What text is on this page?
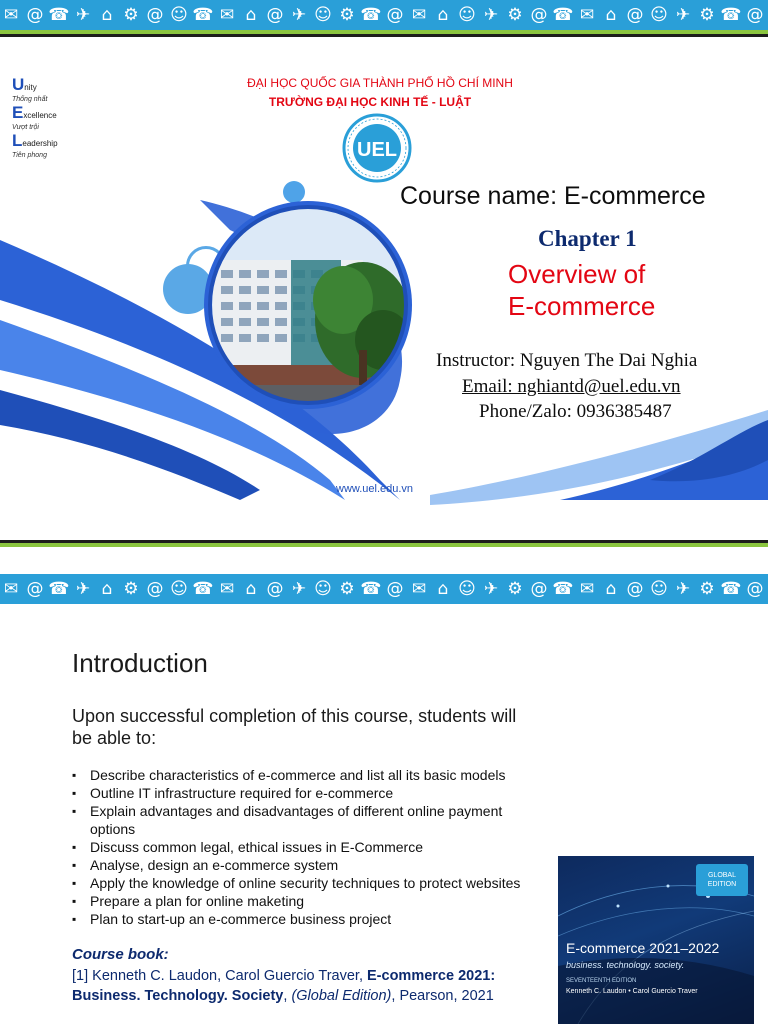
✉ @ ☎ ✈ ⌂ ⚙ @ ☺ ☎ ✉ ⌂ @ ✈ ☺ ⚙ ☎ @ ✉ ⌂ ☺ ✈ ⚙ @ ☎ ✉ ⌂ @ ☺ ✈ ⚙ ☎ @
Unity
Thống nhất
Excellence
Vượt trội
Leadership
Tiên phong
ĐẠI HỌC QUỐC GIA THÀNH PHỐ HỒ CHÍ MINH
TRƯỜNG ĐẠI HỌC KINH TẾ - LUẬT
UEL
Course name: E-commerce
Chapter 1
Overview of
E-commerce
Instructor: Nguyen The Dai Nghia
Email: nghiantd@uel.edu.vn
Phone/Zalo: 0936385487
www.uel.edu.vn
✉ @ ☎ ✈ ⌂ ⚙ @ ☺ ☎ ✉ ⌂ @ ✈ ☺ ⚙ ☎ @ ✉ ⌂ ☺ ✈ ⚙ @ ☎ ✉ ⌂ @ ☺ ✈ ⚙ ☎ @
Introduction
Upon successful completion of this course, students will
be able to:
▪ Describe characteristics of e-commerce and list all its basic models
▪ Outline IT infrastructure required for e-commerce
▪ Explain advantages and disadvantages of different online payment options
▪ Discuss common legal, ethical issues in E-Commerce
▪ Analyse, design an e-commerce system
▪ Apply the knowledge of online security techniques to protect websites
▪ Prepare a plan for online maketing
▪ Plan to start-up an e-commerce business project
Course book:
[1] Kenneth C. Laudon, Carol Guercio Traver, E-commerce 2021: Business. Technology. Society, (Global Edition), Pearson, 2021
GLOBAL
EDITION
E-commerce 2021–2022
business. technology. society.
SEVENTEENTH EDITION
Kenneth C. Laudon • Carol Guercio Traver
